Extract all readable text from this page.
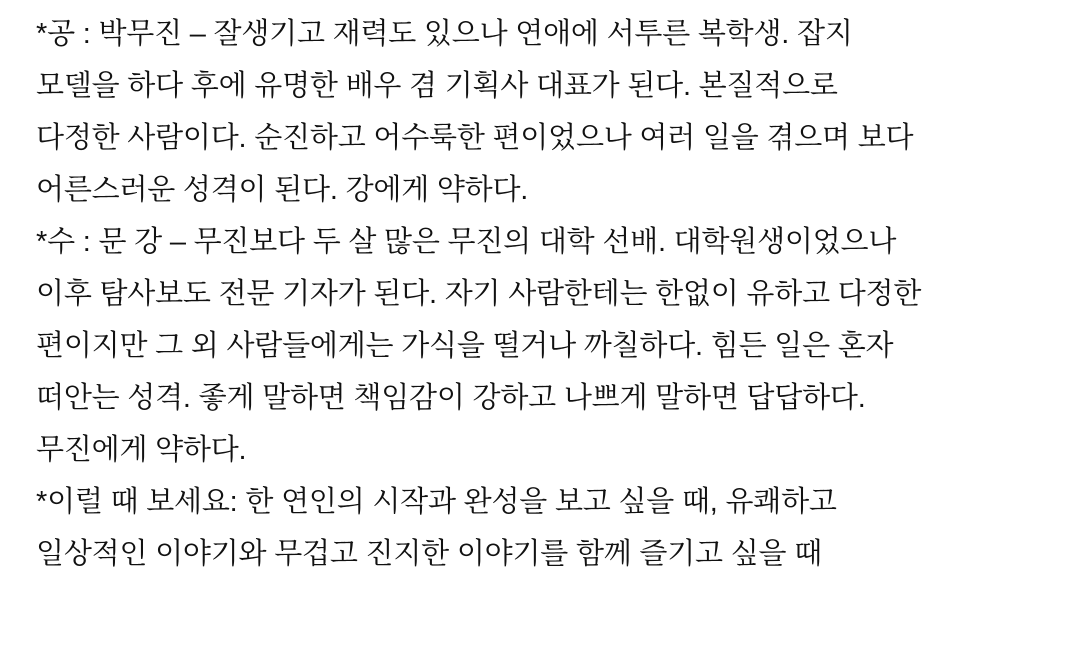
*공 : 박무진 – 잘생기고 재력도 있으나 연애에 서투른 복학생. 잡지
모델을 하다 후에 유명한 배우 겸 기획사 대표가 된다. 본질적으로
다정한 사람이다. 순진하고 어수룩한 편이었으나 여러 일을 겪으며 보다
어른스러운 성격이 된다. 강에게 약하다.
*수 : 문 강 – 무진보다 두 살 많은 무진의 대학 선배. 대학원생이었으나
이후 탐사보도 전문 기자가 된다. 자기 사람한테는 한없이 유하고 다정한
편이지만 그 외 사람들에게는 가식을 떨거나 까칠하다. 힘든 일은 혼자
떠안는 성격. 좋게 말하면 책임감이 강하고 나쁘게 말하면 답답하다.
무진에게 약하다.
*이럴 때 보세요: 한 연인의 시작과 완성을 보고 싶을 때, 유쾌하고
일상적인 이야기와 무겁고 진지한 이야기를 함께 즐기고 싶을 때
